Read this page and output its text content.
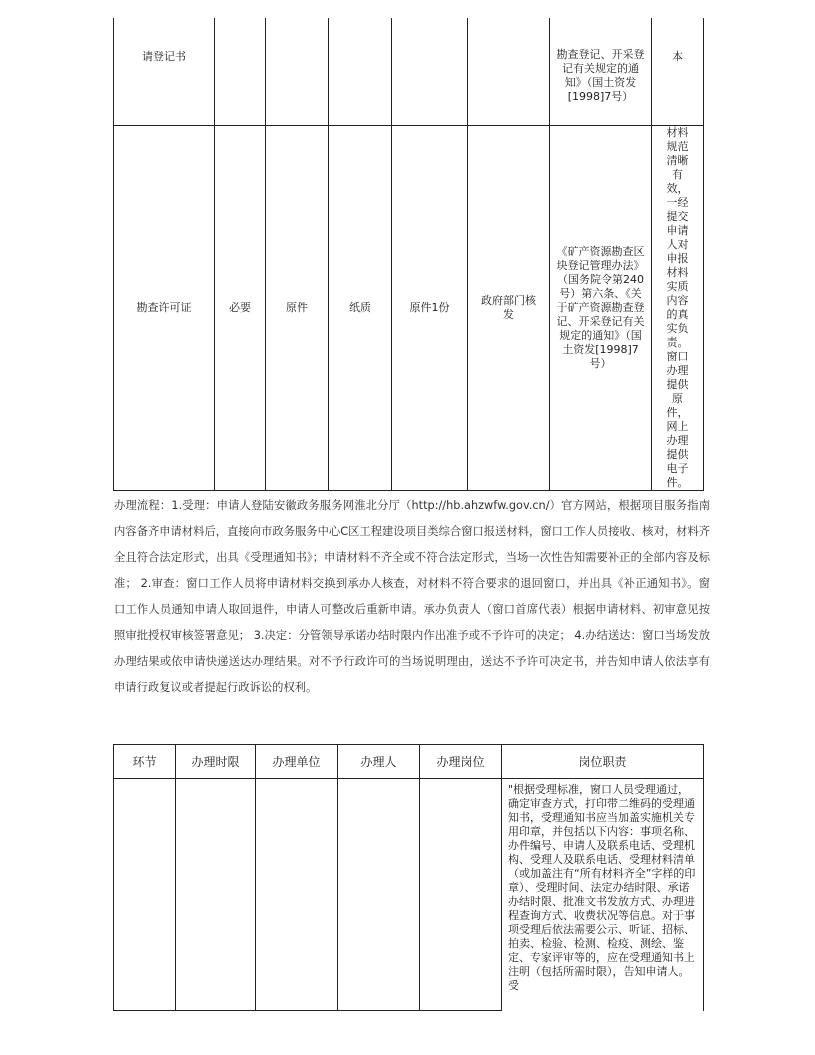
请登记书						勘查登记、开采登记有关规定的通知》（国土资发[1998]7号）	本
勘查许可证	必要	原件	纸质	原件1份	政府部门核发	《矿产资源勘查区块登记管理办法》（国务院令第240号）第六条、《关于矿产资源勘查登记、开采登记有关规定的通知》（国土资发[1998]7号）	材料规范清晰有效，一经提交申请人对申报材料实质内容的真实负责。窗口办理提供原件，网上办理提供电子件。
办理流程：1.受理：申请人登陆安徽政务服务网淮北分厅（http://hb.ahzwfw.gov.cn/）官方网站，根据项目服务指南内容备齐申请材料后，直接向市政务服务中心C区工程建设项目类综合窗口报送材料，窗口工作人员接收、核对，材料齐全且符合法定形式，出具《受理通知书》；申请材料不齐全或不符合法定形式，当场一次性告知需要补正的全部内容及标准； 2.审查：窗口工作人员将申请材料交换到承办人核查，对材料不符合要求的退回窗口，并出具《补正通知书》。窗口工作人员通知申请人取回退件，申请人可整改后重新申请。承办负责人（窗口首席代表）根据申请材料、初审意见按照审批授权审核签署意见； 3.决定：分管领导承诺办结时限内作出准予或不予许可的决定； 4.办结送达：窗口当场发放办理结果或依申请快递送达办理结果。对不予行政许可的当场说明理由，送达不予许可决定书，并告知申请人依法享有申请行政复议或者提起行政诉讼的权利。
环节	办理时限	办理单位	办理人	办理岗位	岗位职责
					"根据受理标准，窗口人员受理通过，确定审查方式，打印带二维码的受理通知书，受理通知书应当加盖实施机关专用印章，并包括以下内容：事项名称、办件编号、申请人及联系电话、受理机构、受理人及联系电话、受理材料清单（或加盖注有“所有材料齐全”字样的印章）、受理时间、法定办结时限、承诺办结时限、批准文书发放方式、办理进程查询方式、收费状况等信息。对于事项受理后依法需要公示、听证、招标、拍卖、检验、检测、检疫、测绘、鉴定、专家评审等的，应在受理通知书上注明（包括所需时限），告知申请人。 受
